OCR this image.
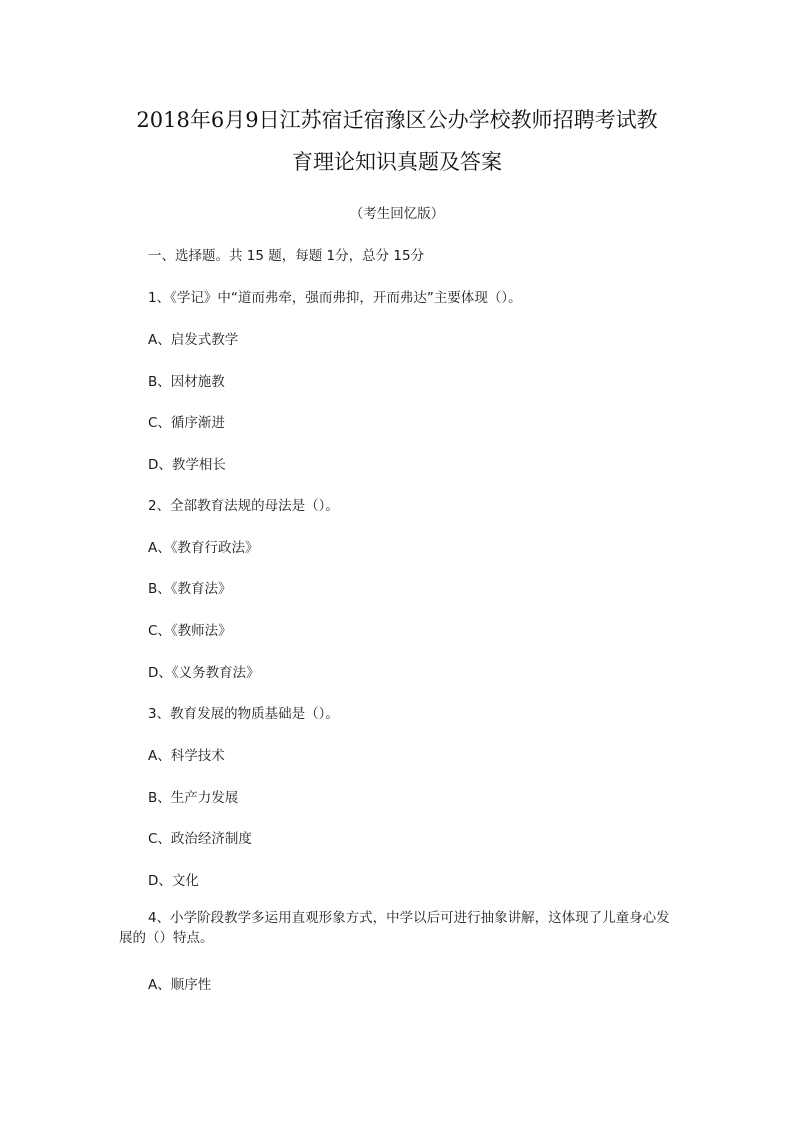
2018年6月9日江苏宿迁宿豫区公办学校教师招聘考试教
育理论知识真题及答案
（考生回忆版）

一、选择题。共 15 题，每题 1分，总分 15分

1、《学记》中“道而弗牵，强而弗抑，开而弗达”主要体现（）。

A、启发式教学

B、因材施教

C、循序渐进

D、教学相长

2、全部教育法规的母法是（）。

A、《教育行政法》

B、《教育法》

C、《教师法》

D、《义务教育法》

3、教育发展的物质基础是（）。

A、科学技术

B、生产力发展

C、政治经济制度

D、文化

4、小学阶段教学多运用直观形象方式，中学以后可进行抽象讲解，这体现了儿童身心发展的（）特点。

A、顺序性
